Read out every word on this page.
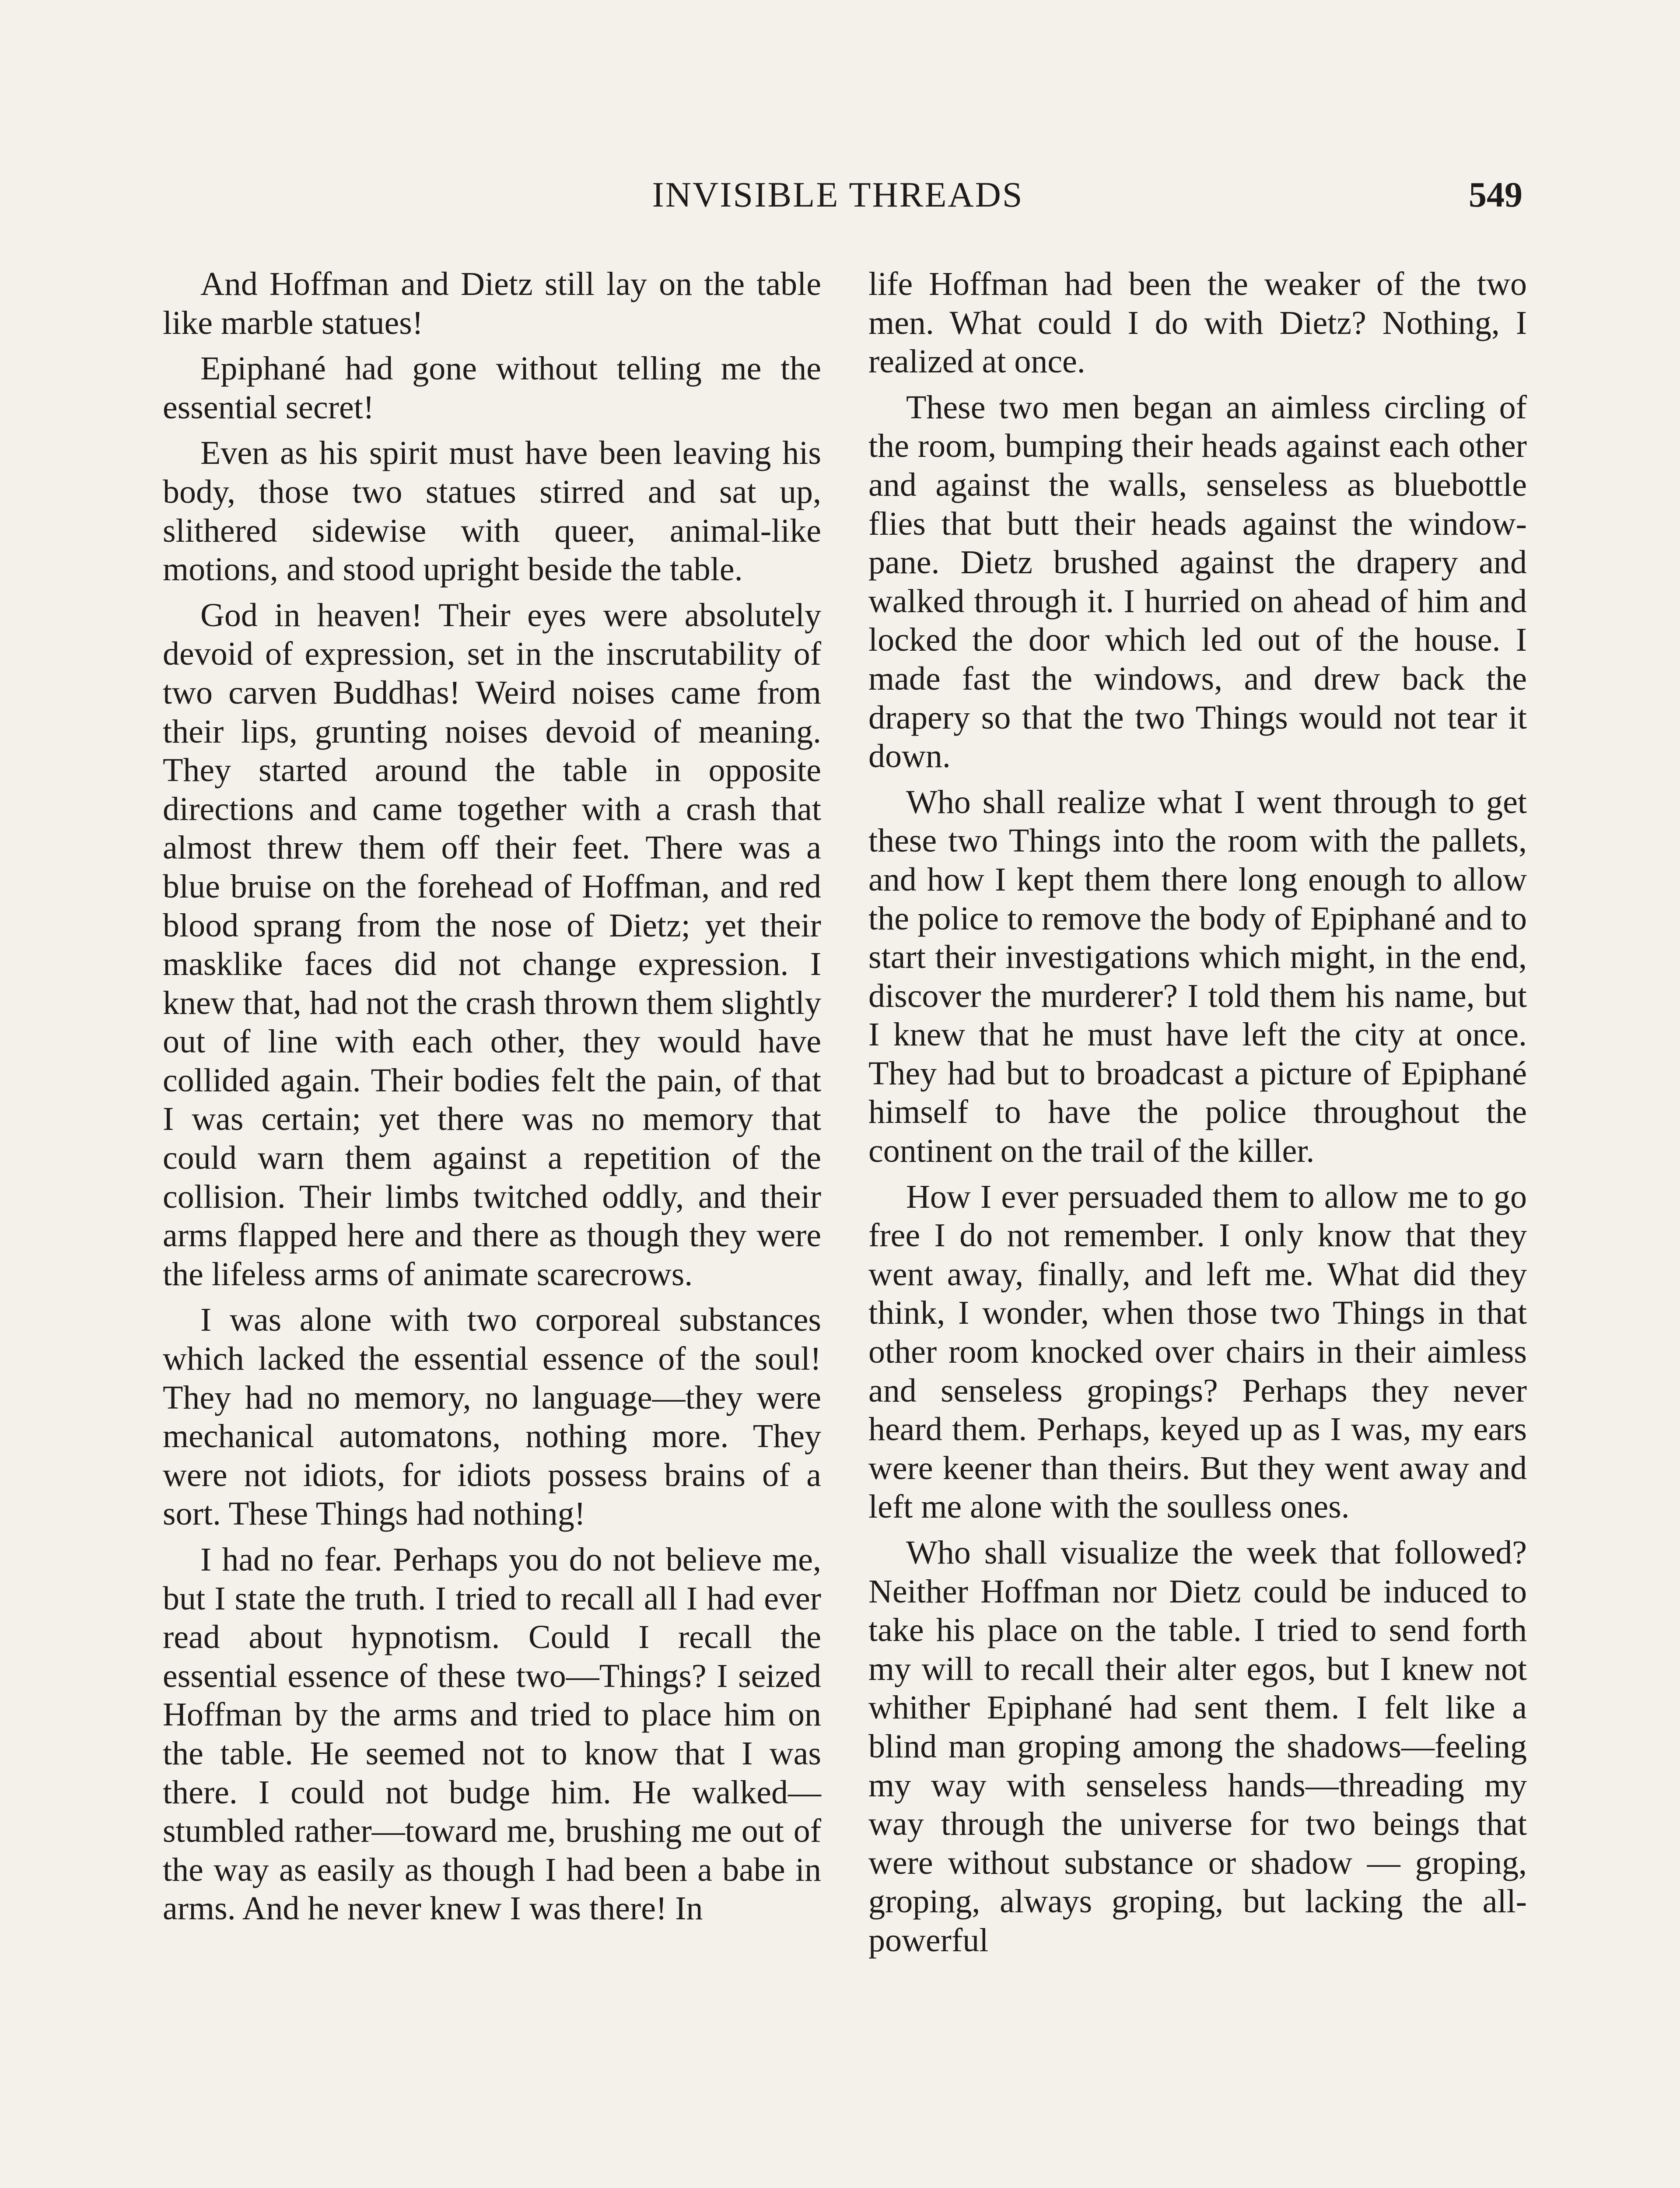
INVISIBLE THREADS	549

And Hoffman and Dietz still lay on the table like marble statues!

Epiphané had gone without telling me the essential secret!

Even as his spirit must have been leaving his body, those two statues stirred and sat up, slithered sidewise with queer, animal-like motions, and stood upright beside the table.

God in heaven! Their eyes were absolutely devoid of expression, set in the inscrutability of two carven Buddhas! Weird noises came from their lips, grunting noises devoid of meaning. They started around the table in opposite directions and came together with a crash that almost threw them off their feet. There was a blue bruise on the forehead of Hoffman, and red blood sprang from the nose of Dietz; yet their masklike faces did not change expression. I knew that, had not the crash thrown them slightly out of line with each other, they would have collided again. Their bodies felt the pain, of that I was certain; yet there was no memory that could warn them against a repetition of the collision. Their limbs twitched oddly, and their arms flapped here and there as though they were the lifeless arms of animate scarecrows.

I was alone with two corporeal substances which lacked the essential essence of the soul! They had no memory, no language—they were mechanical automatons, nothing more. They were not idiots, for idiots possess brains of a sort. These Things had nothing!

I had no fear. Perhaps you do not believe me, but I state the truth. I tried to recall all I had ever read about hypnotism. Could I recall the essential essence of these two—Things? I seized Hoffman by the arms and tried to place him on the table. He seemed not to know that I was there. I could not budge him. He walked—stumbled rather—toward me, brushing me out of the way as easily as though I had been a babe in arms. And he never knew I was there! In

life Hoffman had been the weaker of the two men. What could I do with Dietz? Nothing, I realized at once.

These two men began an aimless circling of the room, bumping their heads against each other and against the walls, senseless as bluebottle flies that butt their heads against the window-pane. Dietz brushed against the drapery and walked through it. I hurried on ahead of him and locked the door which led out of the house. I made fast the windows, and drew back the drapery so that the two Things would not tear it down.

Who shall realize what I went through to get these two Things into the room with the pallets, and how I kept them there long enough to allow the police to remove the body of Epiphané and to start their investigations which might, in the end, discover the murderer? I told them his name, but I knew that he must have left the city at once. They had but to broadcast a picture of Epiphané himself to have the police throughout the continent on the trail of the killer.

How I ever persuaded them to allow me to go free I do not remember. I only know that they went away, finally, and left me. What did they think, I wonder, when those two Things in that other room knocked over chairs in their aimless and senseless gropings? Perhaps they never heard them. Perhaps, keyed up as I was, my ears were keener than theirs. But they went away and left me alone with the soulless ones.

Who shall visualize the week that followed? Neither Hoffman nor Dietz could be induced to take his place on the table. I tried to send forth my will to recall their alter egos, but I knew not whither Epiphané had sent them. I felt like a blind man groping among the shadows—feeling my way with senseless hands—threading my way through the universe for two beings that were without substance or shadow — groping, groping, always groping, but lacking the all-powerful
